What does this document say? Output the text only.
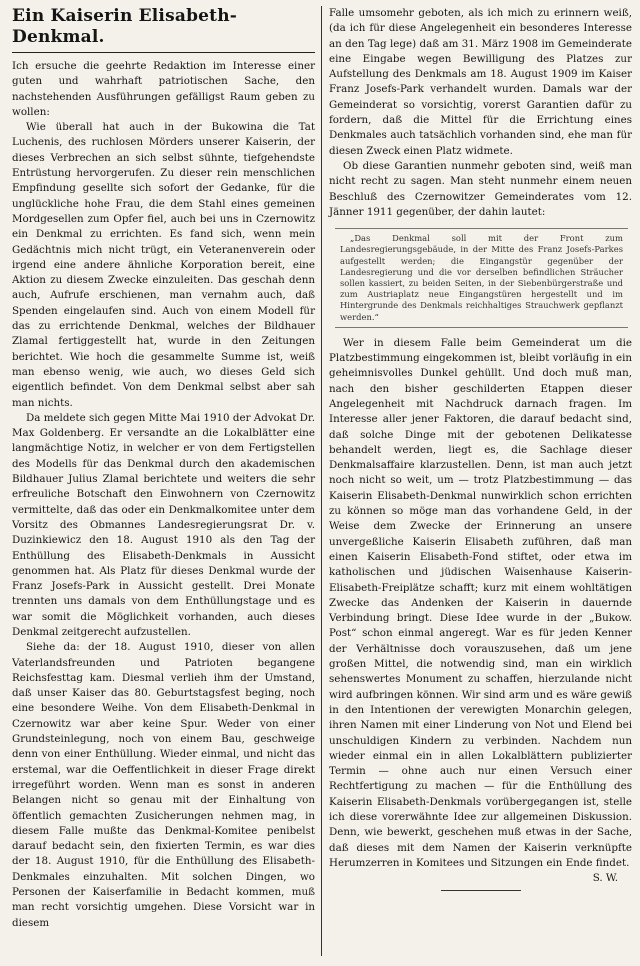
Ein Kaiserin Elisabeth-Denkmal.

Ich ersuche die geehrte Redaktion im Interesse einer guten und wahrhaft patriotischen Sache, den nachstehenden Ausführungen gefälligst Raum geben zu wollen:

Wie überall hat auch in der Bukowina die Tat Luchenis, des ruchlosen Mörders unserer Kaiserin, der dieses Verbrechen an sich selbst sühnte, tiefgehendste Entrüstung hervorgerufen. Zu dieser rein menschlichen Empfindung gesellte sich sofort der Gedanke, für die unglückliche hohe Frau, die dem Stahl eines gemeinen Mordgesellen zum Opfer fiel, auch bei uns in Czernowitz ein Denkmal zu errichten. Es fand sich, wenn mein Gedächtnis mich nicht trügt, ein Veteranenverein oder irgend eine andere ähnliche Korporation bereit, eine Aktion zu diesem Zwecke einzuleiten. Das geschah denn auch, Aufrufe erschienen, man vernahm auch, daß Spenden eingelaufen sind. Auch von einem Modell für das zu errichtende Denkmal, welches der Bildhauer Zlamal fertiggestellt hat, wurde in den Zeitungen berichtet. Wie hoch die gesammelte Summe ist, weiß man ebenso wenig, wie auch, wo dieses Geld sich eigentlich befindet. Von dem Denkmal selbst aber sah man nichts.

Da meldete sich gegen Mitte Mai 1910 der Advokat Dr. Max Goldenberg. Er versandte an die Lokalblätter eine langmächtige Notiz, in welcher er von dem Fertigstellen des Modells für das Denkmal durch den akademischen Bildhauer Julius Zlamal berichtete und weiters die sehr erfreuliche Botschaft den Einwohnern von Czernowitz vermittelte, daß das oder ein Denkmalkomitee unter dem Vorsitz des Obmannes Landesregierungsrat Dr. v. Duzinkiewicz den 18. August 1910 als den Tag der Enthüllung des Elisabeth-Denkmals in Aussicht genommen hat. Als Platz für dieses Denkmal wurde der Franz Josefs-Park in Aussicht gestellt. Drei Monate trennten uns damals von dem Enthüllungstage und es war somit die Möglichkeit vorhanden, auch dieses Denkmal zeitgerecht aufzustellen.

Siehe da: der 18. August 1910, dieser von allen Vaterlandsfreunden und Patrioten begangene Reichsfesttag kam. Diesmal verlieh ihm der Umstand, daß unser Kaiser das 80. Geburtstagsfest beging, noch eine besondere Weihe. Von dem Elisabeth-Denkmal in Czernowitz war aber keine Spur. Weder von einer Grundsteinlegung, noch von einem Bau, geschweige denn von einer Enthüllung. Wieder einmal, und nicht das erstemal, war die Oeffentlichkeit in dieser Frage direkt irregeführt worden. Wenn man es sonst in anderen Belangen nicht so genau mit der Einhaltung von öffentlich gemachten Zusicherungen nehmen mag, in diesem Falle mußte das Denkmal-Komitee penibelst darauf bedacht sein, den fixierten Termin, es war dies der 18. August 1910, für die Enthüllung des Elisabeth-Denkmales einzuhalten. Mit solchen Dingen, wo Personen der Kaiserfamilie in Bedacht kommen, muß man recht vorsichtig umgehen. Diese Vorsicht war in diesem

Falle umsomehr geboten, als ich mich zu erinnern weiß, (da ich für diese Angelegenheit ein besonderes Interesse an den Tag lege) daß am 31. März 1908 im Gemeinderate eine Eingabe wegen Bewilligung des Platzes zur Aufstellung des Denkmals am 18. August 1909 im Kaiser Franz Josefs-Park verhandelt wurden. Damals war der Gemeinderat so vorsichtig, vorerst Garantien dafür zu fordern, daß die Mittel für die Errichtung eines Denkmales auch tatsächlich vorhanden sind, ehe man für diesen Zweck einen Platz widmete.

Ob diese Garantien nunmehr geboten sind, weiß man nicht recht zu sagen. Man steht nunmehr einem neuen Beschluß des Czernowitzer Gemeinderates vom 12. Jänner 1911 gegenüber, der dahin lautet:

„Das Denkmal soll mit der Front zum Landesregierungsgebäude, in der Mitte des Franz Josefs-Parkes aufgestellt werden; die Eingangstür gegenüber der Landesregierung und die vor derselben befindlichen Sträucher sollen kassiert, zu beiden Seiten, in der Siebenbürgerstraße und zum Austriaplatz neue Eingangstüren hergestellt und im Hintergrunde des Denkmals reichhaltiges Strauchwerk gepflanzt werden.“

Wer in diesem Falle beim Gemeinderat um die Platzbestimmung eingekommen ist, bleibt vorläufig in ein geheimnisvolles Dunkel gehüllt. Und doch muß man, nach den bisher geschilderten Etappen dieser Angelegenheit mit Nachdruck darnach fragen. Im Interesse aller jener Faktoren, die darauf bedacht sind, daß solche Dinge mit der gebotenen Delikatesse behandelt werden, liegt es, die Sachlage dieser Denkmalsaffaire klarzustellen. Denn, ist man auch jetzt noch nicht so weit, um — trotz Platzbestimmung — das Kaiserin Elisabeth-Denkmal nunwirklich schon errichten zu können so möge man das vorhandene Geld, in der Weise dem Zwecke der Erinnerung an unsere unvergeßliche Kaiserin Elisabeth zuführen, daß man einen Kaiserin Elisabeth-Fond stiftet, oder etwa im katholischen und jüdischen Waisenhause Kaiserin-Elisabeth-Freiplätze schafft; kurz mit einem wohltätigen Zwecke das Andenken der Kaiserin in dauernde Verbindung bringt. Diese Idee wurde in der „Bukow. Post“ schon einmal angeregt. War es für jeden Kenner der Verhältnisse doch vorauszusehen, daß um jene großen Mittel, die notwendig sind, man ein wirklich sehenswertes Monument zu schaffen, hierzulande nicht wird aufbringen können. Wir sind arm und es wäre gewiß in den Intentionen der verewigten Monarchin gelegen, ihren Namen mit einer Linderung von Not und Elend bei unschuldigen Kindern zu verbinden. Nachdem nun wieder einmal ein in allen Lokalblättern publizierter Termin — ohne auch nur einen Versuch einer Rechtfertigung zu machen — für die Enthüllung des Kaiserin Elisabeth-Denkmals vorübergegangen ist, stelle ich diese vorerwähnte Idee zur allgemeinen Diskussion. Denn, wie bewerkt, geschehen muß etwas in der Sache, daß dieses mit dem Namen der Kaiserin verknüpfte Herumzerren in Komitees und Sitzungen ein Ende findet.

S. W.
